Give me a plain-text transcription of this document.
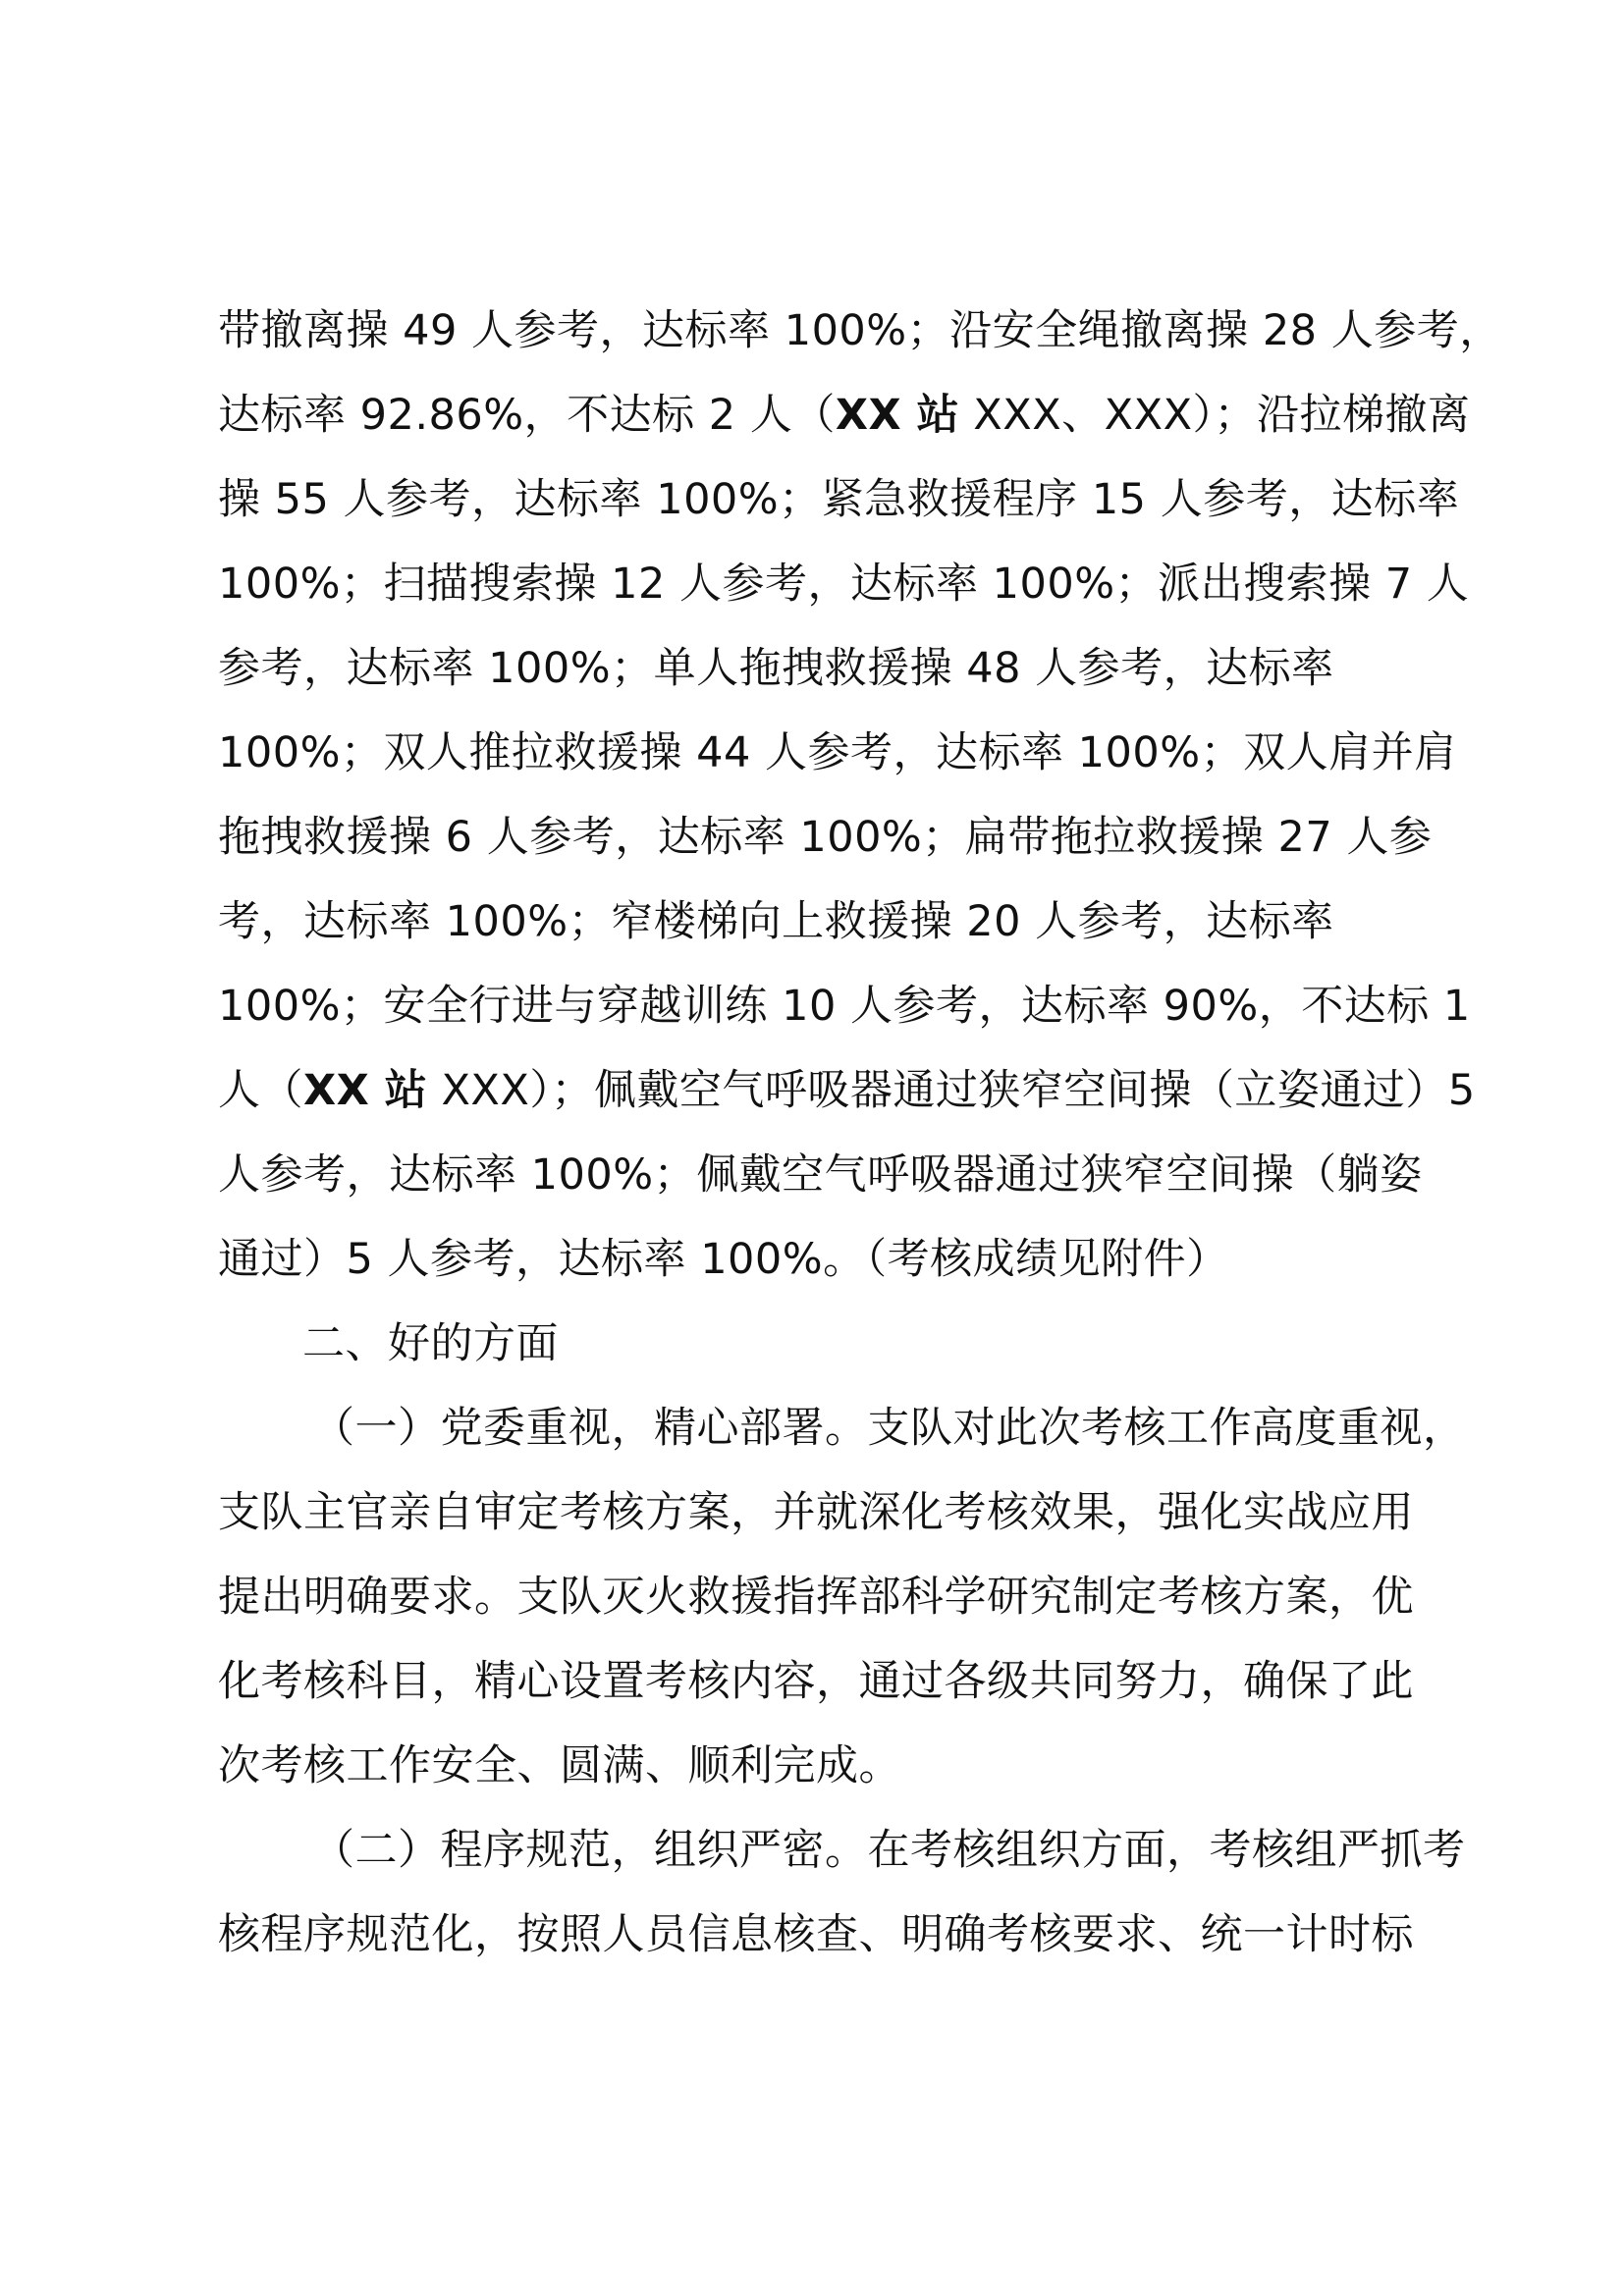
带撤离操 49 人参考，达标率 100%；沿安全绳撤离操 28 人参考，
达标率 92.86%，不达标 2 人（XX 站 XXX、XXX）；沿拉梯撤离
操 55 人参考，达标率 100%；紧急救援程序 15 人参考，达标率
100%；扫描搜索操 12 人参考，达标率 100%；派出搜索操 7 人
参考，达标率 100%；单人拖拽救援操 48 人参考，达标率
100%；双人推拉救援操 44 人参考，达标率 100%；双人肩并肩
拖拽救援操 6 人参考，达标率 100%；扁带拖拉救援操 27 人参
考，达标率 100%；窄楼梯向上救援操 20 人参考，达标率
100%；安全行进与穿越训练 10 人参考，达标率 90%，不达标 1
人（XX 站 XXX）；佩戴空气呼吸器通过狭窄空间操（立姿通过）5
人参考，达标率 100%；佩戴空气呼吸器通过狭窄空间操（躺姿
通过）5 人参考，达标率 100%。（考核成绩见附件）
二、好的方面
（一）党委重视，精心部署。支队对此次考核工作高度重视，
支队主官亲自审定考核方案，并就深化考核效果，强化实战应用
提出明确要求。支队灭火救援指挥部科学研究制定考核方案，优
化考核科目，精心设置考核内容，通过各级共同努力，确保了此
次考核工作安全、圆满、顺利完成。
（二）程序规范，组织严密。在考核组织方面，考核组严抓考
核程序规范化，按照人员信息核查、明确考核要求、统一计时标
